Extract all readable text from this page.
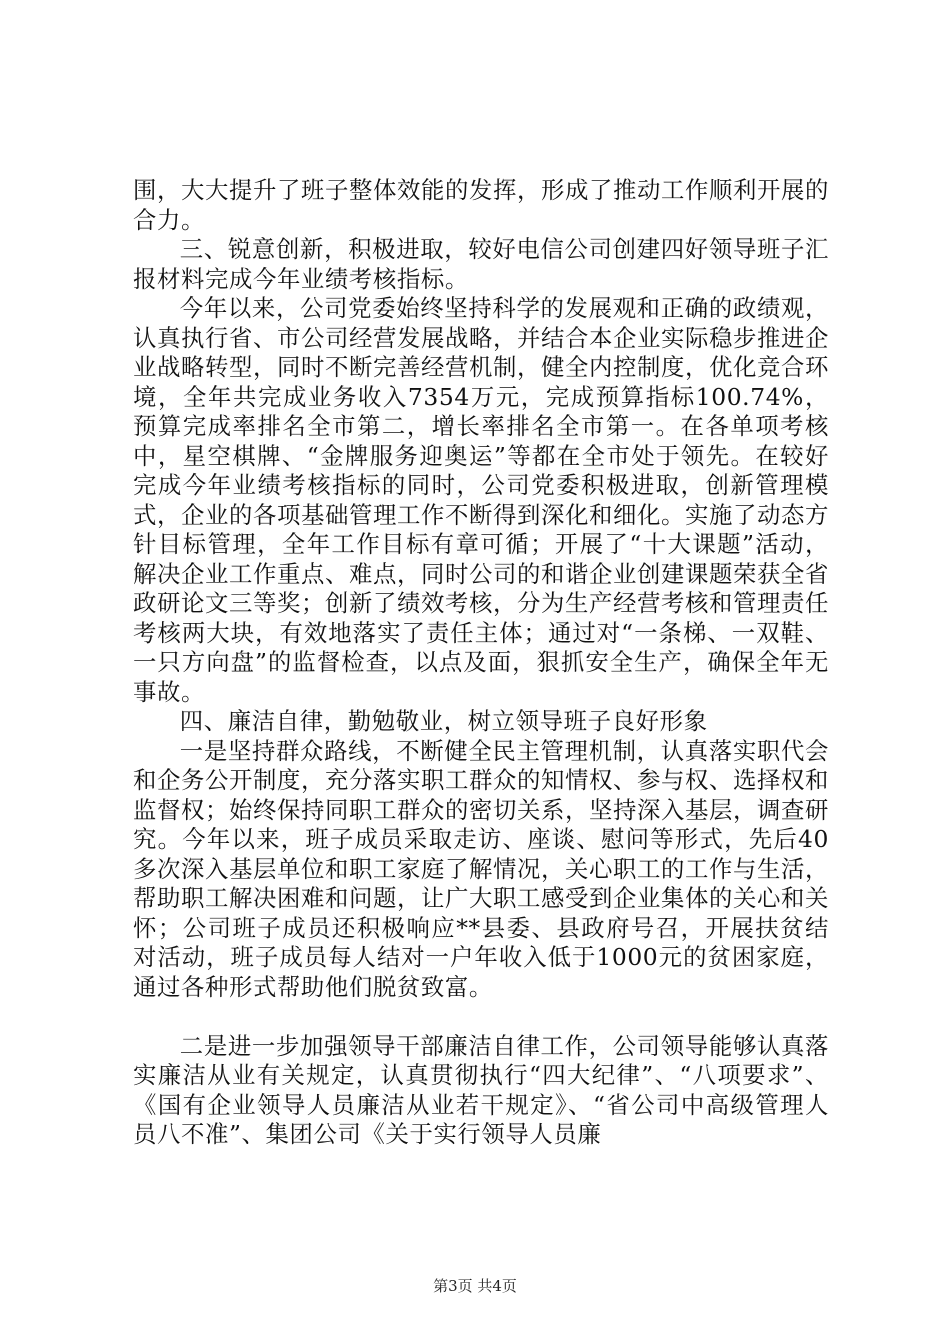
围，大大提升了班子整体效能的发挥，形成了推动工作顺利开展的合力。

三、锐意创新，积极进取，较好电信公司创建四好领导班子汇报材料完成今年业绩考核指标。

今年以来，公司党委始终坚持科学的发展观和正确的政绩观，认真执行省、市公司经营发展战略，并结合本企业实际稳步推进企业战略转型，同时不断完善经营机制，健全内控制度，优化竞合环境，全年共完成业务收入7354万元，完成预算指标100.74%，预算完成率排名全市第二，增长率排名全市第一。在各单项考核中，星空棋牌、“金牌服务迎奥运”等都在全市处于领先。在较好完成今年业绩考核指标的同时，公司党委积极进取，创新管理模式，企业的各项基础管理工作不断得到深化和细化。实施了动态方针目标管理，全年工作目标有章可循；开展了“十大课题”活动，解决企业工作重点、难点，同时公司的和谐企业创建课题荣获全省政研论文三等奖；创新了绩效考核，分为生产经营考核和管理责任考核两大块，有效地落实了责任主体；通过对“一条梯、一双鞋、一只方向盘”的监督检查，以点及面，狠抓安全生产，确保全年无事故。

四、廉洁自律，勤勉敬业，树立领导班子良好形象

一是坚持群众路线，不断健全民主管理机制，认真落实职代会和企务公开制度，充分落实职工群众的知情权、参与权、选择权和监督权；始终保持同职工群众的密切关系，坚持深入基层，调查研究。今年以来，班子成员采取走访、座谈、慰问等形式，先后40多次深入基层单位和职工家庭了解情况，关心职工的工作与生活，帮助职工解决困难和问题，让广大职工感受到企业集体的关心和关怀；公司班子成员还积极响应**县委、县政府号召，开展扶贫结对活动，班子成员每人结对一户年收入低于1000元的贫困家庭，通过各种形式帮助他们脱贫致富。

二是进一步加强领导干部廉洁自律工作，公司领导能够认真落实廉洁从业有关规定，认真贯彻执行“四大纪律”、“八项要求”、《国有企业领导人员廉洁从业若干规定》、“省公司中高级管理人员八不准”、集团公司《关于实行领导人员廉

第3页 共4页
